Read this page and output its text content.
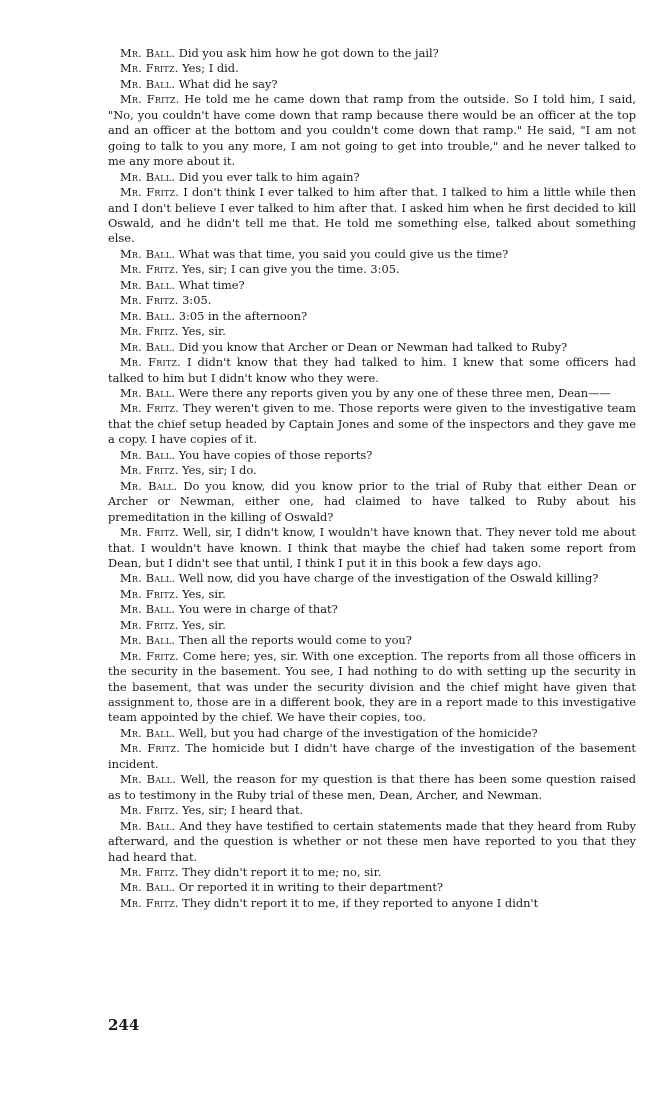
Mr. Ball. Did you ask him how he got down to the jail?

Mr. Fritz. Yes; I did.

Mr. Ball. What did he say?

Mr. Fritz. He told me he came down that ramp from the outside. So I told him, I said, "No, you couldn't have come down that ramp because there would be an officer at the top and an officer at the bottom and you couldn't come down that ramp." He said, "I am not going to talk to you any more, I am not going to get into trouble," and he never talked to me any more about it.

Mr. Ball. Did you ever talk to him again?

Mr. Fritz. I don't think I ever talked to him after that. I talked to him a little while then and I don't believe I ever talked to him after that. I asked him when he first decided to kill Oswald, and he didn't tell me that. He told me something else, talked about something else.

Mr. Ball. What was that time, you said you could give us the time?

Mr. Fritz. Yes, sir; I can give you the time. 3:05.

Mr. Ball. What time?

Mr. Fritz. 3:05.

Mr. Ball. 3:05 in the afternoon?

Mr. Fritz. Yes, sir.

Mr. Ball. Did you know that Archer or Dean or Newman had talked to Ruby?

Mr. Fritz. I didn't know that they had talked to him. I knew that some officers had talked to him but I didn't know who they were.

Mr. Ball. Were there any reports given you by any one of these three men, Dean——

Mr. Fritz. They weren't given to me. Those reports were given to the investigative team that the chief setup headed by Captain Jones and some of the inspectors and they gave me a copy. I have copies of it.

Mr. Ball. You have copies of those reports?

Mr. Fritz. Yes, sir; I do.

Mr. Ball. Do you know, did you know prior to the trial of Ruby that either Dean or Archer or Newman, either one, had claimed to have talked to Ruby about his premeditation in the killing of Oswald?

Mr. Fritz. Well, sir, I didn't know, I wouldn't have known that. They never told me about that. I wouldn't have known. I think that maybe the chief had taken some report from Dean, but I didn't see that until, I think I put it in this book a few days ago.

Mr. Ball. Well now, did you have charge of the investigation of the Oswald killing?

Mr. Fritz. Yes, sir.

Mr. Ball. You were in charge of that?

Mr. Fritz. Yes, sir.

Mr. Ball. Then all the reports would come to you?

Mr. Fritz. Come here; yes, sir. With one exception. The reports from all those officers in the security in the basement. You see, I had nothing to do with setting up the security in the basement, that was under the security division and the chief might have given that assignment to, those are in a different book, they are in a report made to this investigative team appointed by the chief. We have their copies, too.

Mr. Ball. Well, but you had charge of the investigation of the homicide?

Mr. Fritz. The homicide but I didn't have charge of the investigation of the basement incident.

Mr. Ball. Well, the reason for my question is that there has been some question raised as to testimony in the Ruby trial of these men, Dean, Archer, and Newman.

Mr. Fritz. Yes, sir; I heard that.

Mr. Ball. And they have testified to certain statements made that they heard from Ruby afterward, and the question is whether or not these men have reported to you that they had heard that.

Mr. Fritz. They didn't report it to me; no, sir.

Mr. Ball. Or reported it in writing to their department?

Mr. Fritz. They didn't report it to me, if they reported to anyone I didn't

244
